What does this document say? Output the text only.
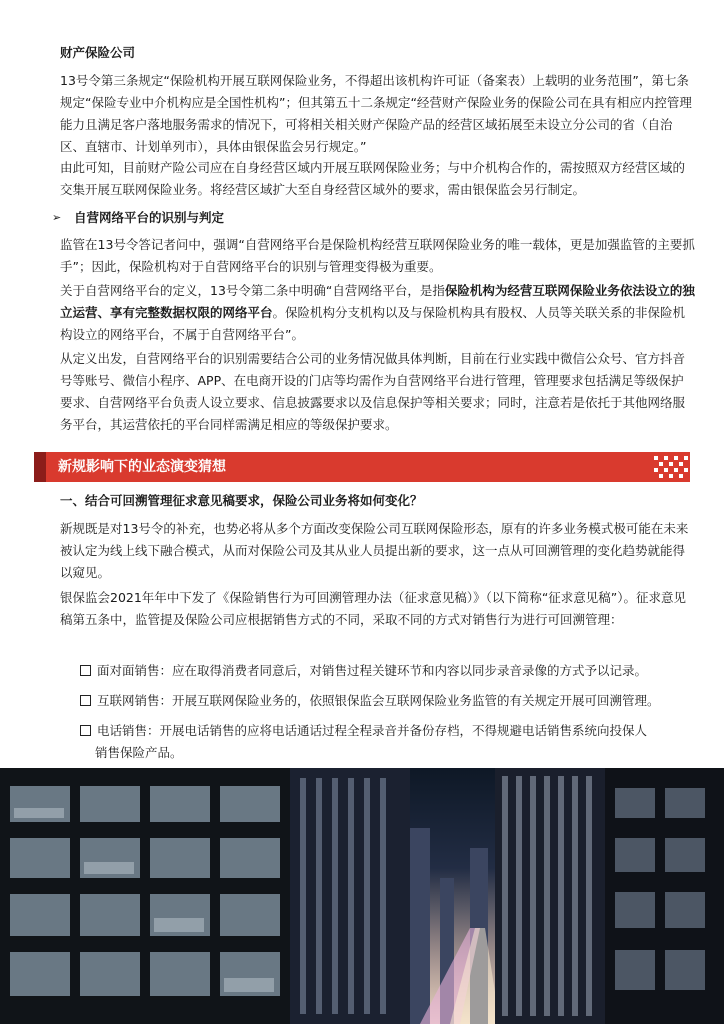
财产保险公司

13号令第三条规定“保险机构开展互联网保险业务，不得超出该机构许可证（备案表）上载明的业务范围”，第七条规定“保险专业中介机构应是全国性机构”；但其第五十二条规定“经营财产保险业务的保险公司在具有相应内控管理能力且满足客户落地服务需求的情况下，可将相关相关财产保险产品的经营区域拓展至未设立分公司的省（自治区、直辖市、计划单列市），具体由银保监会另行规定。”

由此可知，目前财产险公司应在自身经营区域内开展互联网保险业务；与中介机构合作的，需按照双方经营区域的交集开展互联网保险业务。将经营区域扩大至自身经营区域外的要求，需由银保监会另行制定。

➢ 自营网络平台的识别与判定

监管在13号令答记者问中，强调“自营网络平台是保险机构经营互联网保险业务的唯一载体，更是加强监管的主要抓手”；因此，保险机构对于自营网络平台的识别与管理变得极为重要。

关于自营网络平台的定义，13号令第二条中明确“自营网络平台，是指保险机构为经营互联网保险业务依法设立的独立运营、享有完整数据权限的网络平台。保险机构分支机构以及与保险机构具有股权、人员等关联关系的非保险机构设立的网络平台，不属于自营网络平台”。

从定义出发，自营网络平台的识别需要结合公司的业务情况做具体判断，目前在行业实践中微信公众号、官方抖音号等账号、微信小程序、APP、在电商开设的门店等均需作为自营网络平台进行管理，管理要求包括满足等级保护要求、自营网络平台负责人设立要求、信息披露要求以及信息保护等相关要求；同时，注意若是依托于其他网络服务平台，其运营依托的平台同样需满足相应的等级保护要求。

新规影响下的业态演变猜想
一、结合可回溯管理征求意见稿要求，保险公司业务将如何变化？

新规既是对13号令的补充，也势必将从多个方面改变保险公司互联网保险形态，原有的许多业务模式极可能在未来被认定为线上线下融合模式，从而对保险公司及其从业人员提出新的要求，这一点从可回溯管理的变化趋势就能得以窥见。

银保监会2021年年中下发了《保险销售行为可回溯管理办法（征求意见稿）》（以下简称“征求意见稿”）。征求意见稿第五条中，监管提及保险公司应根据销售方式的不同，采取不同的方式对销售行为进行可回溯管理：

面对面销售：应在取得消费者同意后，对销售过程关键环节和内容以同步录音录像的方式予以记录。
互联网销售：开展互联网保险业务的，依照银保监会互联网保险业务监管的有关规定开展可回溯管理。
电话销售：开展电话销售的应将电话通话过程全程录音并备份存档，不得规避电话销售系统向投保人
销售保险产品。
